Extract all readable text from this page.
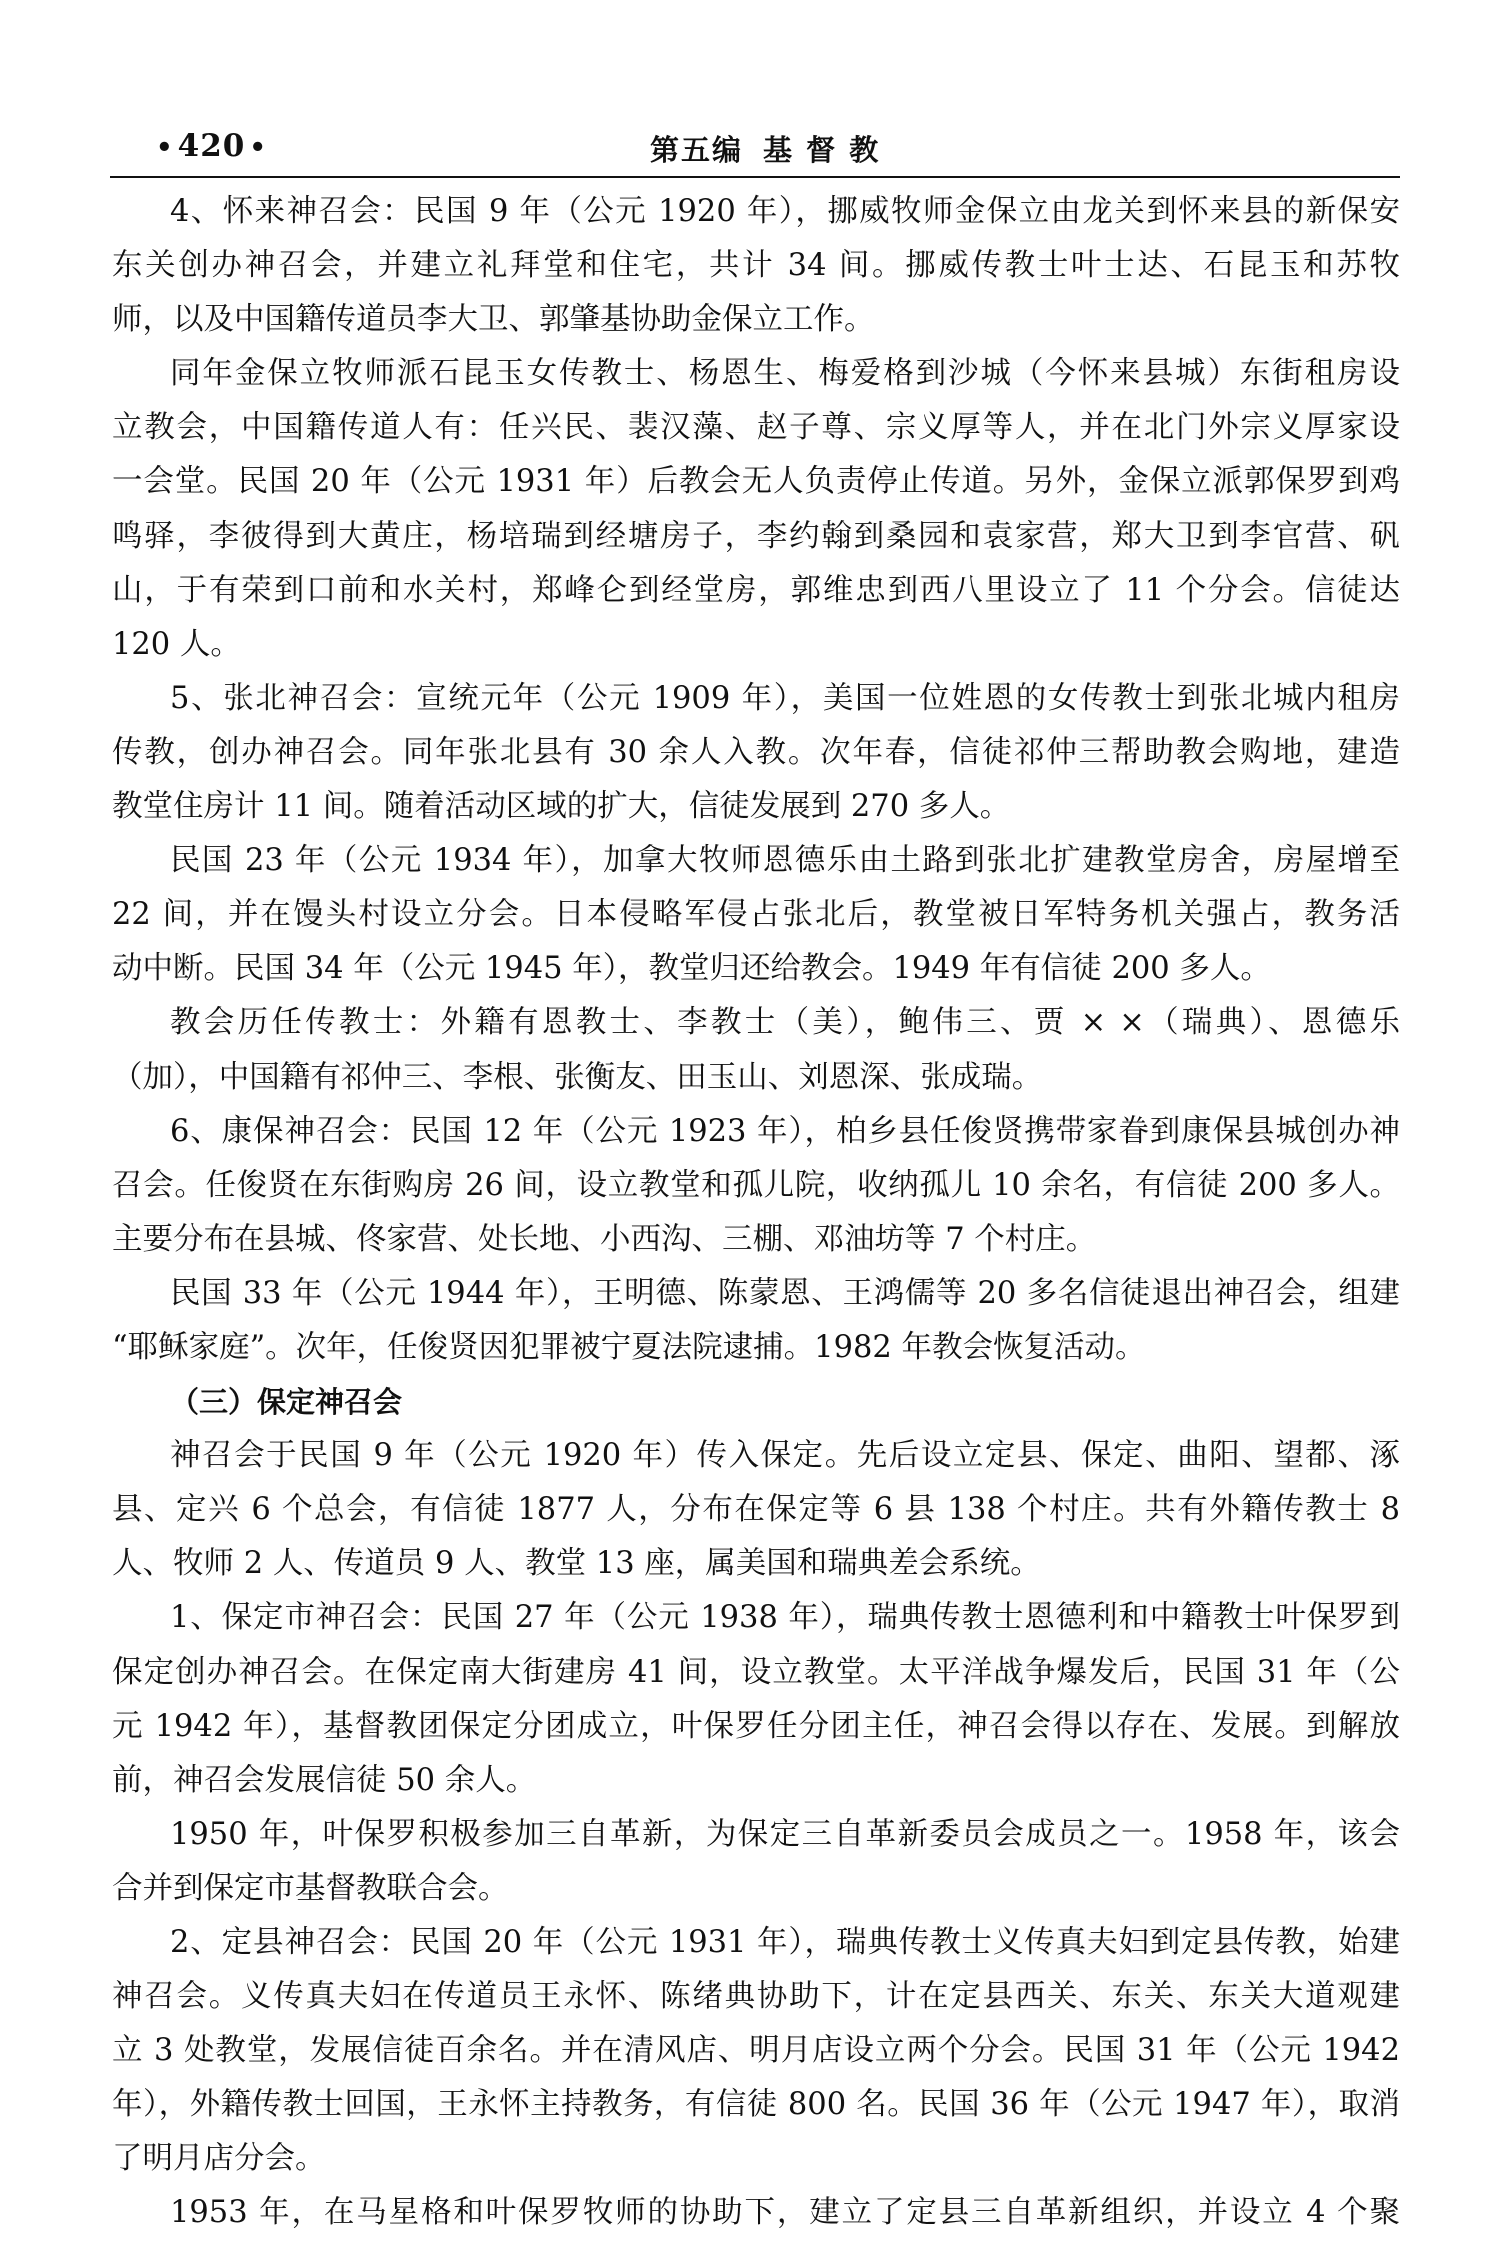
• 420 •	第五编 基 督 教
4、怀来神召会：民国 9 年（公元 1920 年），挪威牧师金保立由龙关到怀来县的新保安
东关创办神召会，并建立礼拜堂和住宅，共计 34 间。挪威传教士叶士达、石昆玉和苏牧
师，以及中国籍传道员李大卫、郭肇基协助金保立工作。
同年金保立牧师派石昆玉女传教士、杨恩生、梅爱格到沙城（今怀来县城）东街租房设
立教会，中国籍传道人有：任兴民、裴汉藻、赵子尊、宗义厚等人，并在北门外宗义厚家设
一会堂。民国 20 年（公元 1931 年）后教会无人负责停止传道。另外，金保立派郭保罗到鸡
鸣驿，李彼得到大黄庄，杨培瑞到经塘房子，李约翰到桑园和袁家营，郑大卫到李官营、矾
山，于有荣到口前和水关村，郑峰仑到经堂房，郭维忠到西八里设立了 11 个分会。信徒达
120 人。
5、张北神召会：宣统元年（公元 1909 年），美国一位姓恩的女传教士到张北城内租房
传教，创办神召会。同年张北县有 30 余人入教。次年春，信徒祁仲三帮助教会购地，建造
教堂住房计 11 间。随着活动区域的扩大，信徒发展到 270 多人。
民国 23 年（公元 1934 年），加拿大牧师恩德乐由土路到张北扩建教堂房舍，房屋增至
22 间，并在馒头村设立分会。日本侵略军侵占张北后，教堂被日军特务机关强占，教务活
动中断。民国 34 年（公元 1945 年），教堂归还给教会。1949 年有信徒 200 多人。
教会历任传教士：外籍有恩教士、李教士（美），鲍伟三、贾 × ×（瑞典）、恩德乐
（加），中国籍有祁仲三、李根、张衡友、田玉山、刘恩深、张成瑞。
6、康保神召会：民国 12 年（公元 1923 年），柏乡县任俊贤携带家眷到康保县城创办神
召会。任俊贤在东街购房 26 间，设立教堂和孤儿院，收纳孤儿 10 余名，有信徒 200 多人。
主要分布在县城、佟家营、处长地、小西沟、三棚、邓油坊等 7 个村庄。
民国 33 年（公元 1944 年），王明德、陈蒙恩、王鸿儒等 20 多名信徒退出神召会，组建
“耶稣家庭”。次年，任俊贤因犯罪被宁夏法院逮捕。1982 年教会恢复活动。
（三）保定神召会
神召会于民国 9 年（公元 1920 年）传入保定。先后设立定县、保定、曲阳、望都、涿
县、定兴 6 个总会，有信徒 1877 人，分布在保定等 6 县 138 个村庄。共有外籍传教士 8
人、牧师 2 人、传道员 9 人、教堂 13 座，属美国和瑞典差会系统。
1、保定市神召会：民国 27 年（公元 1938 年），瑞典传教士恩德利和中籍教士叶保罗到
保定创办神召会。在保定南大街建房 41 间，设立教堂。太平洋战争爆发后，民国 31 年（公
元 1942 年），基督教团保定分团成立，叶保罗任分团主任，神召会得以存在、发展。到解放
前，神召会发展信徒 50 余人。
1950 年，叶保罗积极参加三自革新，为保定三自革新委员会成员之一。1958 年，该会
合并到保定市基督教联合会。
2、定县神召会：民国 20 年（公元 1931 年），瑞典传教士义传真夫妇到定县传教，始建
神召会。义传真夫妇在传道员王永怀、陈绪典协助下，计在定县西关、东关、东关大道观建
立 3 处教堂，发展信徒百余名。并在清风店、明月店设立两个分会。民国 31 年（公元 1942
年），外籍传教士回国，王永怀主持教务，有信徒 800 名。民国 36 年（公元 1947 年），取消
了明月店分会。
1953 年，在马星格和叶保罗牧师的协助下，建立了定县三自革新组织，并设立 4 个聚
